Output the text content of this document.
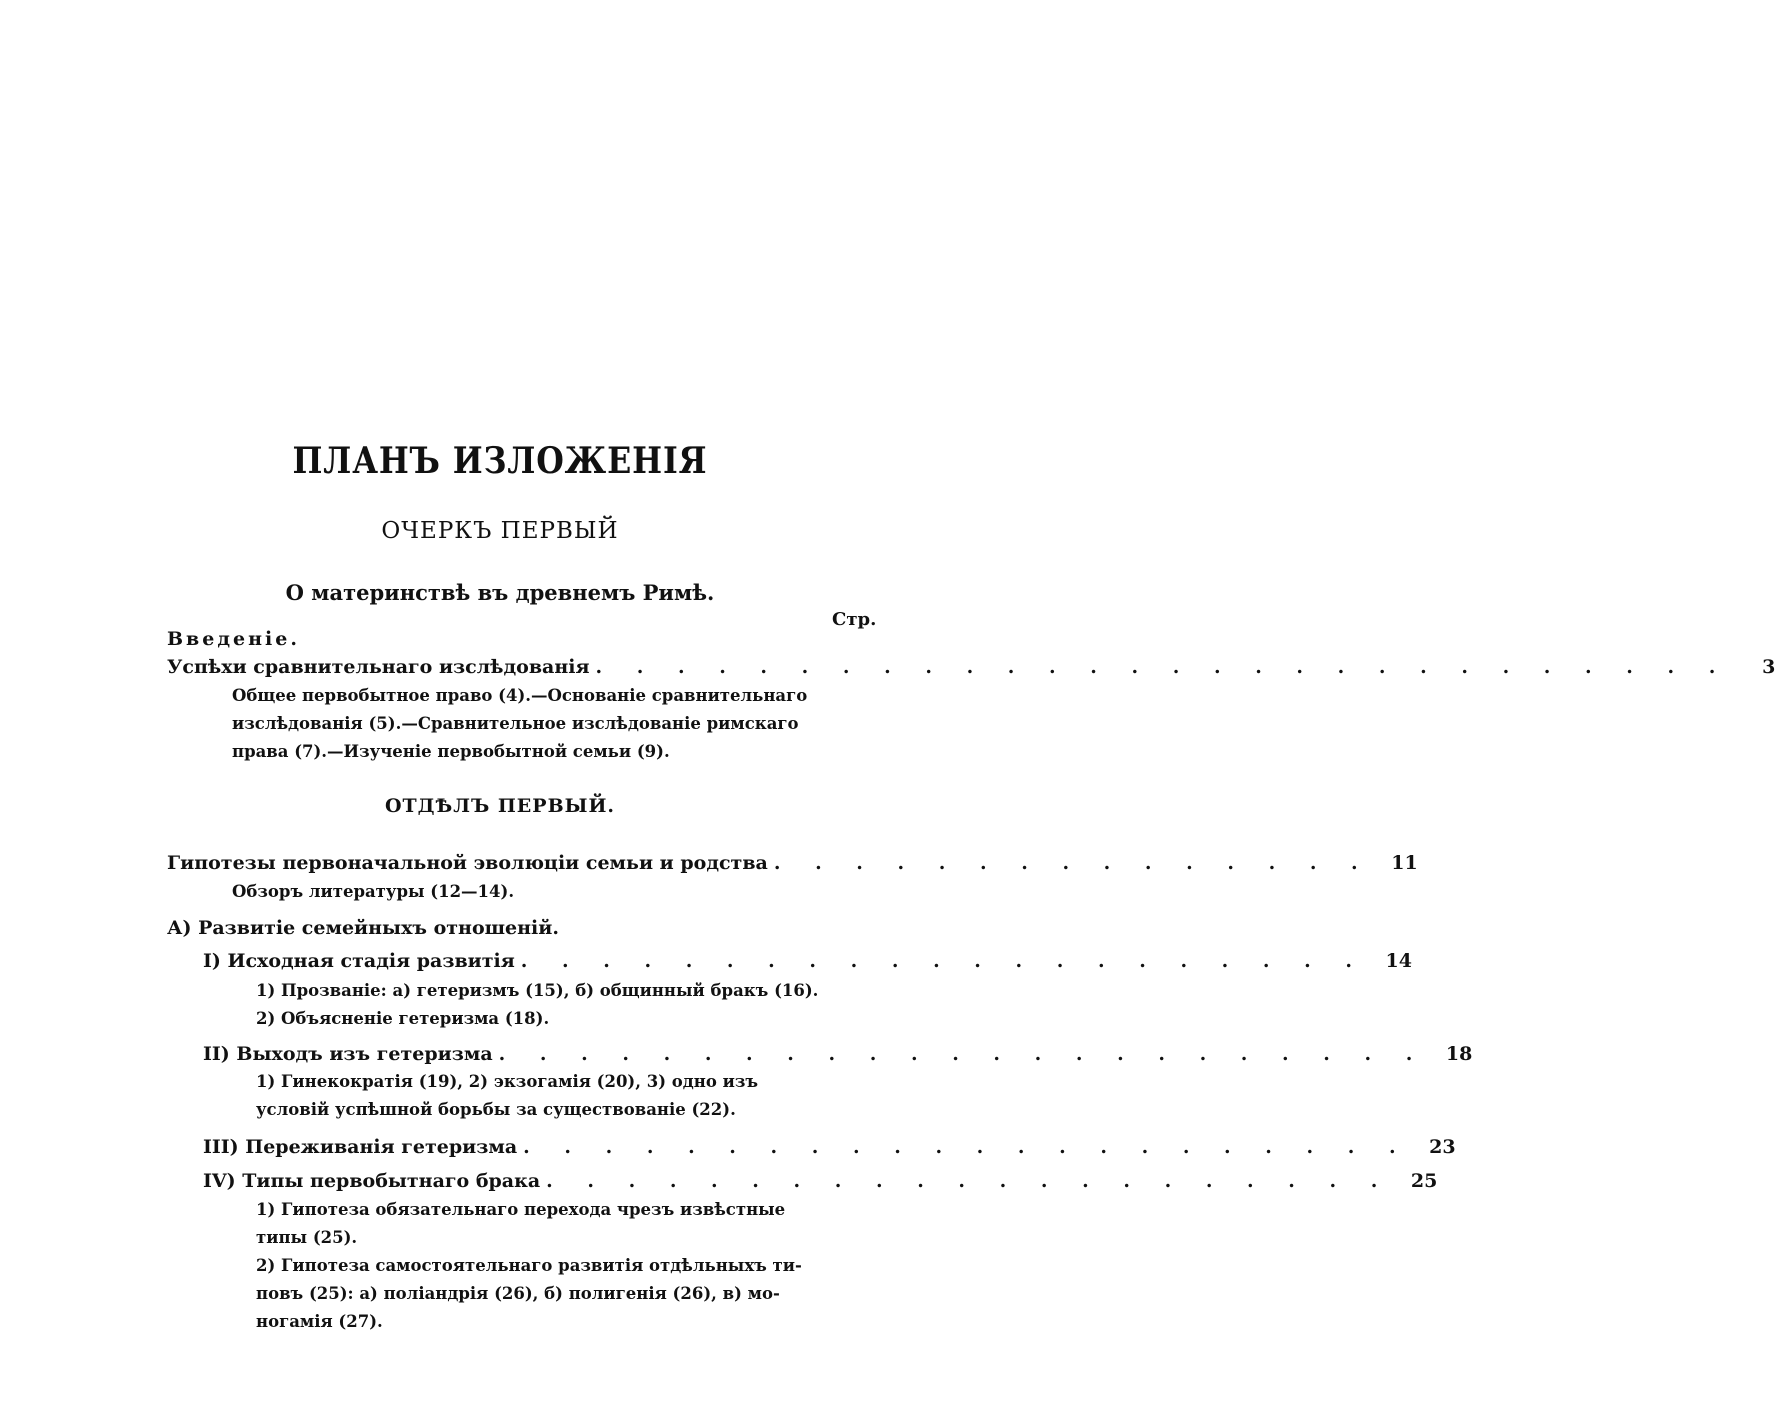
ПЛАНЪ ИЗЛОЖЕНІЯ
ОЧЕРКЪ ПЕРВЫЙ
О материнствѣ въ древнемъ Римѣ.
Стр.
Введеніе.
Успѣхи сравнительнаго изслѣдованія . . . . . . . . . . . . . . . . . . . . . . . . . . . .	3
Общее первобытное право (4).—Основаніе сравнительнаго
изслѣдованія (5).—Сравнительное изслѣдованіе римскаго
права (7).—Изученіе первобытной семьи (9).
ОТДѢЛЪ ПЕРВЫЙ.
Гипотезы первоначальной эволюціи семьи и родства . . . . . . . . . . . . . . .	11
Обзоръ литературы (12—14).
А) Развитіе семейныхъ отношеній.
I) Исходная стадія развитія . . . . . . . . . . . . . . . . . . . . .	14
1) Прозваніе: а) гетеризмъ (15), б) общинный бракъ (16).
2) Объясненіе гетеризма (18).
II) Выходъ изъ гетеризма . . . . . . . . . . . . . . . . . . . . . . .	18
1) Гинекократія (19), 2) экзогамія (20), 3) одно изъ
условій успѣшной борьбы за существованіе (22).
III) Переживанія гетеризма . . . . . . . . . . . . . . . . . . . . . .	23
IV) Типы первобытнаго брака . . . . . . . . . . . . . . . . . . . . .	25
1) Гипотеза обязательнаго перехода чрезъ извѣстные
типы (25).
2) Гипотеза самостоятельнаго развитія отдѣльныхъ ти-
повъ (25): а) поліандрія (26), б) полигенія (26), в) мо-
ногамія (27).
